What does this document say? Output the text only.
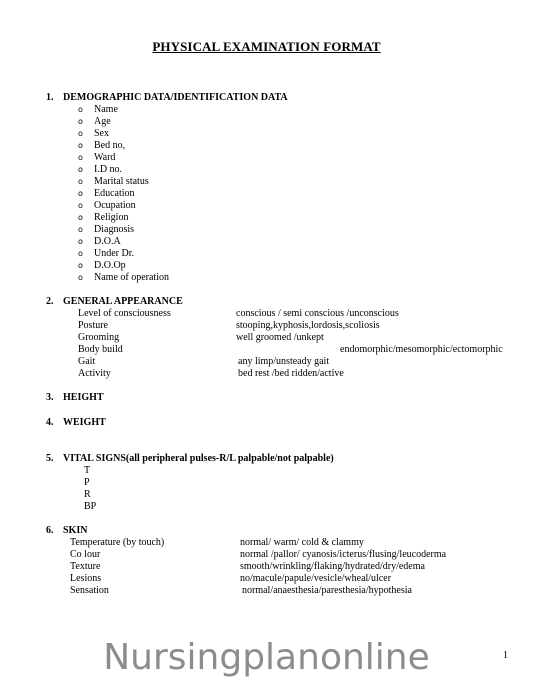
PHYSICAL EXAMINATION FORMAT
1. DEMOGRAPHIC DATA/IDENTIFICATION DATA
o Name
o Age
o Sex
o Bed no,
o Ward
o I.D no.
o Marital status
o Education
o Ocupation
o Religion
o Diagnosis
o D.O.A
o Under Dr.
o D.O.Op
o Name of operation
2. GENERAL APPEARANCE
Level of consciousness	conscious / semi conscious /unconscious
Posture	stooping,kyphosis,lordosis,scoliosis
Grooming	well groomed /unkept
Body build	endomorphic/mesomorphic/ectomorphic
Gait	any limp/unsteady gait
Activity	bed rest /bed ridden/active
3. HEIGHT
4. WEIGHT
5. VITAL SIGNS(all peripheral pulses-R/L palpable/not palpable)
T
P
R
BP
6. SKIN
Temperature (by touch)	normal/ warm/ cold & clammy
Co lour	normal /pallor/ cyanosis/icterus/flusing/leucoderma
Texture	smooth/wrinkling/flaking/hydrated/dry/edema
Lesions	no/macule/papule/vesicle/wheal/ulcer
Sensation	normal/anaesthesia/paresthesia/hypothesia
Nursingplanonline	1
